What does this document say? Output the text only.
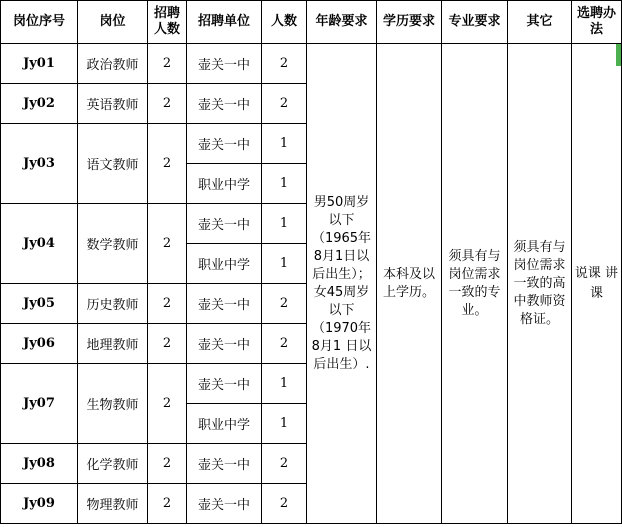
岗位序号	岗位	招聘人数	招聘单位	人数	年龄要求	学历要求	专业要求	其它	选聘办法
Jy01	政治教师	2	壶关一中	2	男50周岁以下（1965年8月1日以后出生）；女45周岁以下（1970年8月1 日以后出生）.	本科及以上学历。	须具有与岗位需求一致的专业。	须具有与岗位需求一致的高中教师资格证。	说课 讲课
Jy02	英语教师	2	壶关一中	2					
Jy03	语文教师	2	壶关一中	1					
			职业中学	1					
Jy04	数学教师	2	壶关一中	1					
			职业中学	1					
Jy05	历史教师	2	壶关一中	2					
Jy06	地理教师	2	壶关一中	2					
Jy07	生物教师	2	壶关一中	1					
			职业中学	1					
Jy08	化学教师	2	壶关一中	2					
Jy09	物理教师	2	壶关一中	2					
